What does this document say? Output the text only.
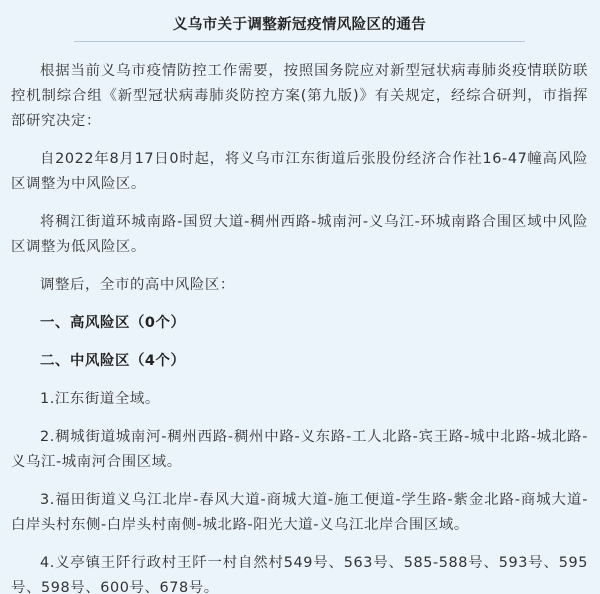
义乌市关于调整新冠疫情风险区的通告

根据当前义乌市疫情防控工作需要，按照国务院应对新型冠状病毒肺炎疫情联防联控机制综合组《新型冠状病毒肺炎防控方案(第九版)》有关规定，经综合研判，市指挥部研究决定：

自2022年8月17日0时起，将义乌市江东街道后张股份经济合作社16-47幢高风险区调整为中风险区。

将稠江街道环城南路-国贸大道-稠州西路-城南河-义乌江-环城南路合围区域中风险区调整为低风险区。

调整后，全市的高中风险区：

一、高风险区（0个）

二、中风险区（4个）

1.江东街道全域。

2.稠城街道城南河-稠州西路-稠州中路-义东路-工人北路-宾王路-城中北路-城北路-义乌江-城南河合围区域。

3.福田街道义乌江北岸-春风大道-商城大道-施工便道-学生路-紫金北路-商城大道-白岸头村东侧-白岸头村南侧-城北路-阳光大道-义乌江北岸合围区域。

4.义亭镇王阡行政村王阡一村自然村549号、563号、585-588号、593号、595号、598号、600号、678号。
